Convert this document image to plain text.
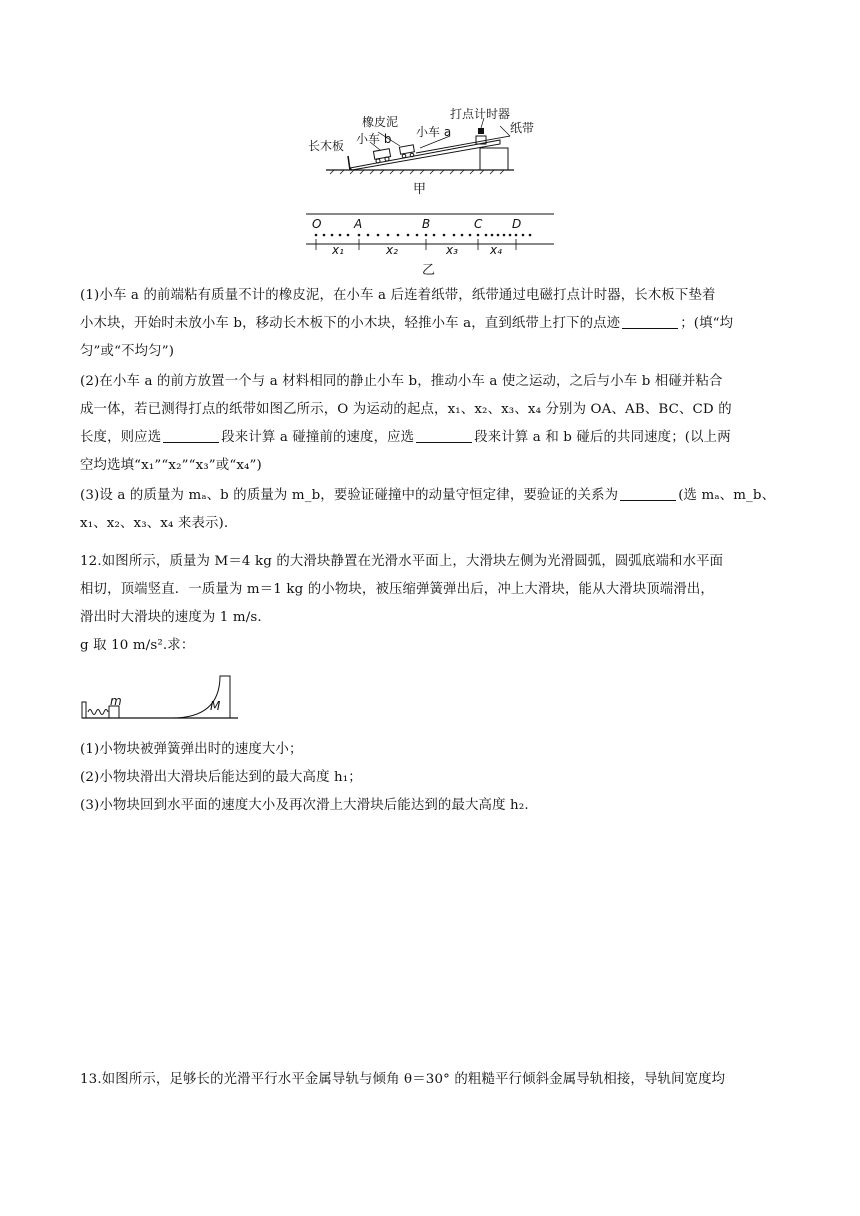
橡皮泥
打点计时器
小车 b 小车 a	纸带
长木板
甲
O	A	B	C D
x₁	x₂	x₃	x₄
乙
(1)小车 a 的前端粘有质量不计的橡皮泥，在小车 a 后连着纸带，纸带通过电磁打点计时器，长木板下垫着
小木块，开始时未放小车 b，移动长木板下的小木块，轻推小车 a，直到纸带上打下的点迹	；(填“均
匀”或“不均匀”)
(2)在小车 a 的前方放置一个与 a 材料相同的静止小车 b，推动小车 a 使之运动，之后与小车 b 相碰并粘合
成一体，若已测得打点的纸带如图乙所示，O 为运动的起点，x₁、x₂、x₃、x₄ 分别为 OA、AB、BC、CD 的
长度，则应选	段来计算 a 碰撞前的速度，应选	段来计算 a 和 b 碰后的共同速度；(以上两
空均选填“x₁”“x₂”“x₃”或“x₄”)
(3)设 a 的质量为 mₐ、b 的质量为 m_b，要验证碰撞中的动量守恒定律，要验证的关系为	(选 mₐ、m_b、
x₁、x₂、x₃、x₄ 来表示).
12.如图所示，质量为 M＝4 kg 的大滑块静置在光滑水平面上，大滑块左侧为光滑圆弧，圆弧底端和水平面
相切，顶端竖直．一质量为 m＝1 kg 的小物块，被压缩弹簧弹出后，冲上大滑块，能从大滑块顶端滑出，
滑出时大滑块的速度为 1 m/s.
g 取 10 m/s².求：
m	M
(1)小物块被弹簧弹出时的速度大小；
(2)小物块滑出大滑块后能达到的最大高度 h₁；
(3)小物块回到水平面的速度大小及再次滑上大滑块后能达到的最大高度 h₂.
13.如图所示，足够长的光滑平行水平金属导轨与倾角 θ＝30° 的粗糙平行倾斜金属导轨相接，导轨间宽度均
